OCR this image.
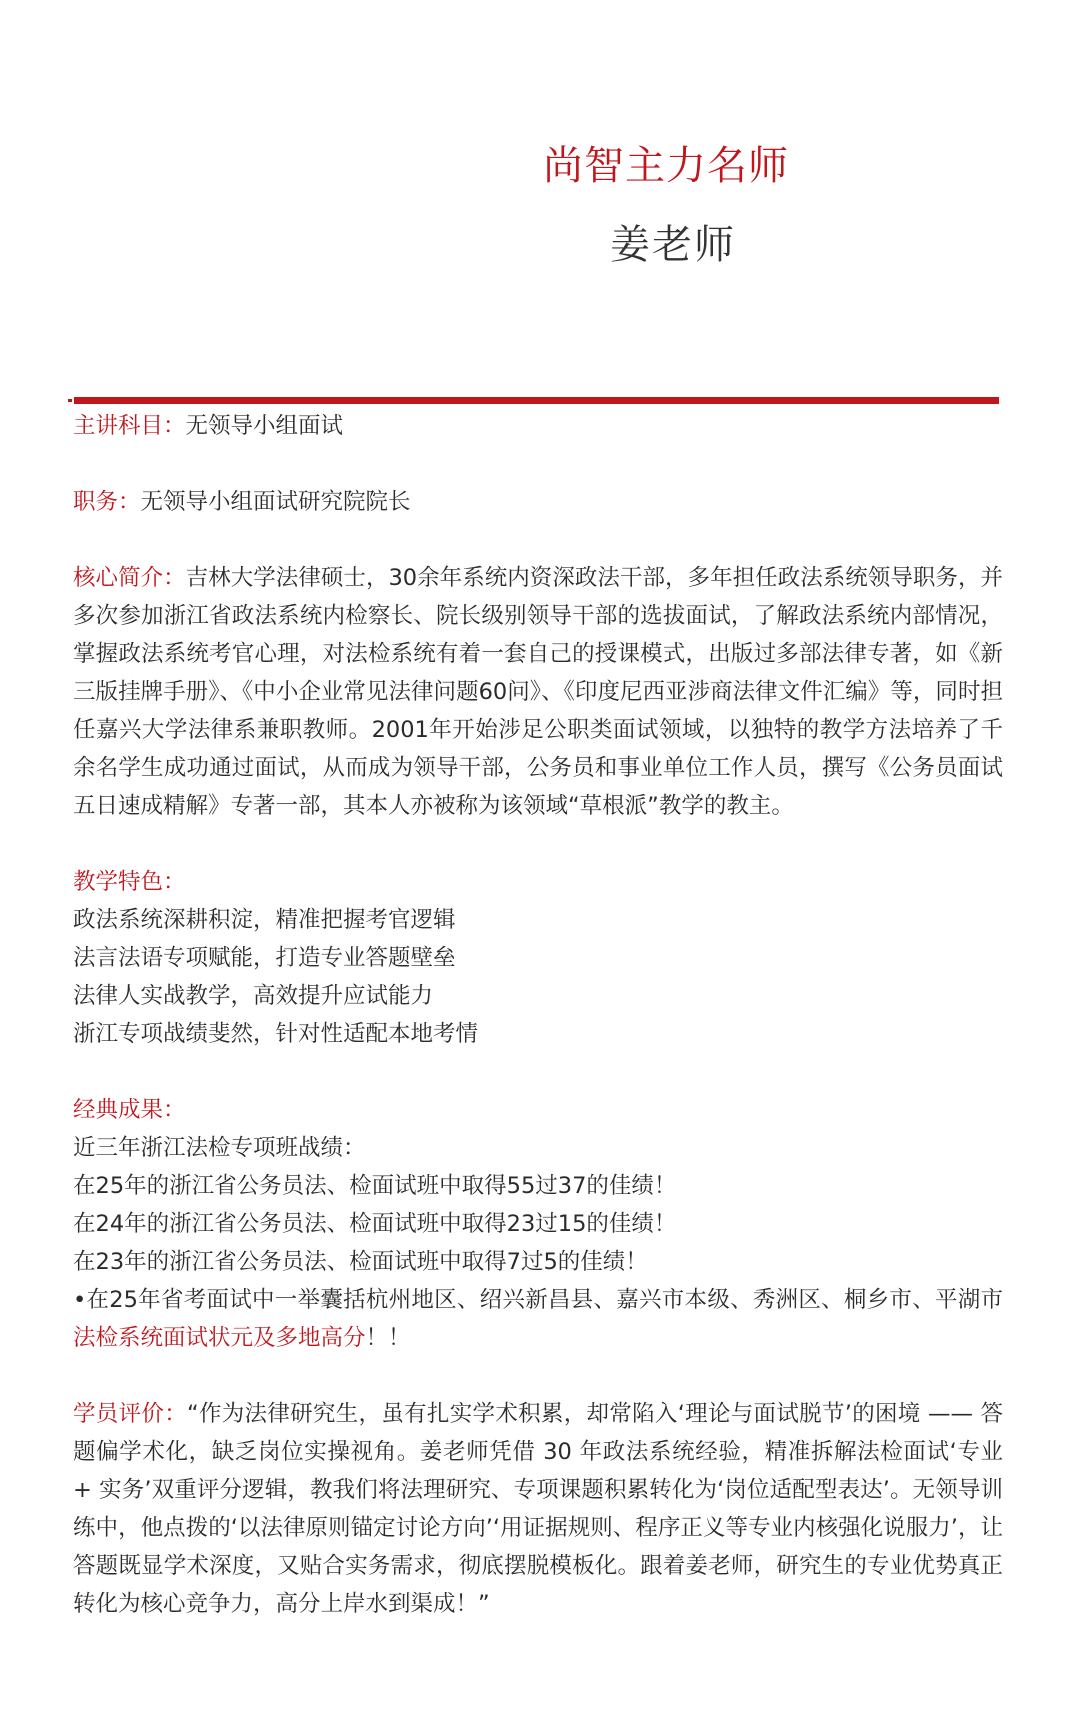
尚智主力名师
姜老师
主讲科目：无领导小组面试
职务：无领导小组面试研究院院长
核心简介：吉林大学法律硕士，30余年系统内资深政法干部，多年担任政法系统领导职务，并多次参加浙江省政法系统内检察长、院长级别领导干部的选拔面试，了解政法系统内部情况，掌握政法系统考官心理，对法检系统有着一套自己的授课模式，出版过多部法律专著，如《新三版挂牌手册》、《中小企业常见法律问题60问》、《印度尼西亚涉商法律文件汇编》等，同时担任嘉兴大学法律系兼职教师。2001年开始涉足公职类面试领域，以独特的教学方法培养了千余名学生成功通过面试，从而成为领导干部，公务员和事业单位工作人员，撰写《公务员面试五日速成精解》专著一部，其本人亦被称为该领域“草根派”教学的教主。
教学特色：
政法系统深耕积淀，精准把握考官逻辑
法言法语专项赋能，打造专业答题壁垒
法律人实战教学，高效提升应试能力
浙江专项战绩斐然，针对性适配本地考情
经典成果：
近三年浙江法检专项班战绩：
在25年的浙江省公务员法、检面试班中取得55过37的佳绩！
在24年的浙江省公务员法、检面试班中取得23过15的佳绩！
在23年的浙江省公务员法、检面试班中取得7过5的佳绩！
•在25年省考面试中一举囊括杭州地区、绍兴新昌县、嘉兴市本级、秀洲区、桐乡市、平湖市法检系统面试状元及多地高分！！
学员评价：“作为法律研究生，虽有扎实学术积累，却常陷入‘理论与面试脱节’的困境 —— 答题偏学术化，缺乏岗位实操视角。姜老师凭借 30 年政法系统经验，精准拆解法检面试‘专业 + 实务’双重评分逻辑，教我们将法理研究、专项课题积累转化为‘岗位适配型表达’。无领导训练中，他点拨的‘以法律原则锚定讨论方向’‘用证据规则、程序正义等专业内核强化说服力’，让答题既显学术深度，又贴合实务需求，彻底摆脱模板化。跟着姜老师，研究生的专业优势真正转化为核心竞争力，高分上岸水到渠成！”
